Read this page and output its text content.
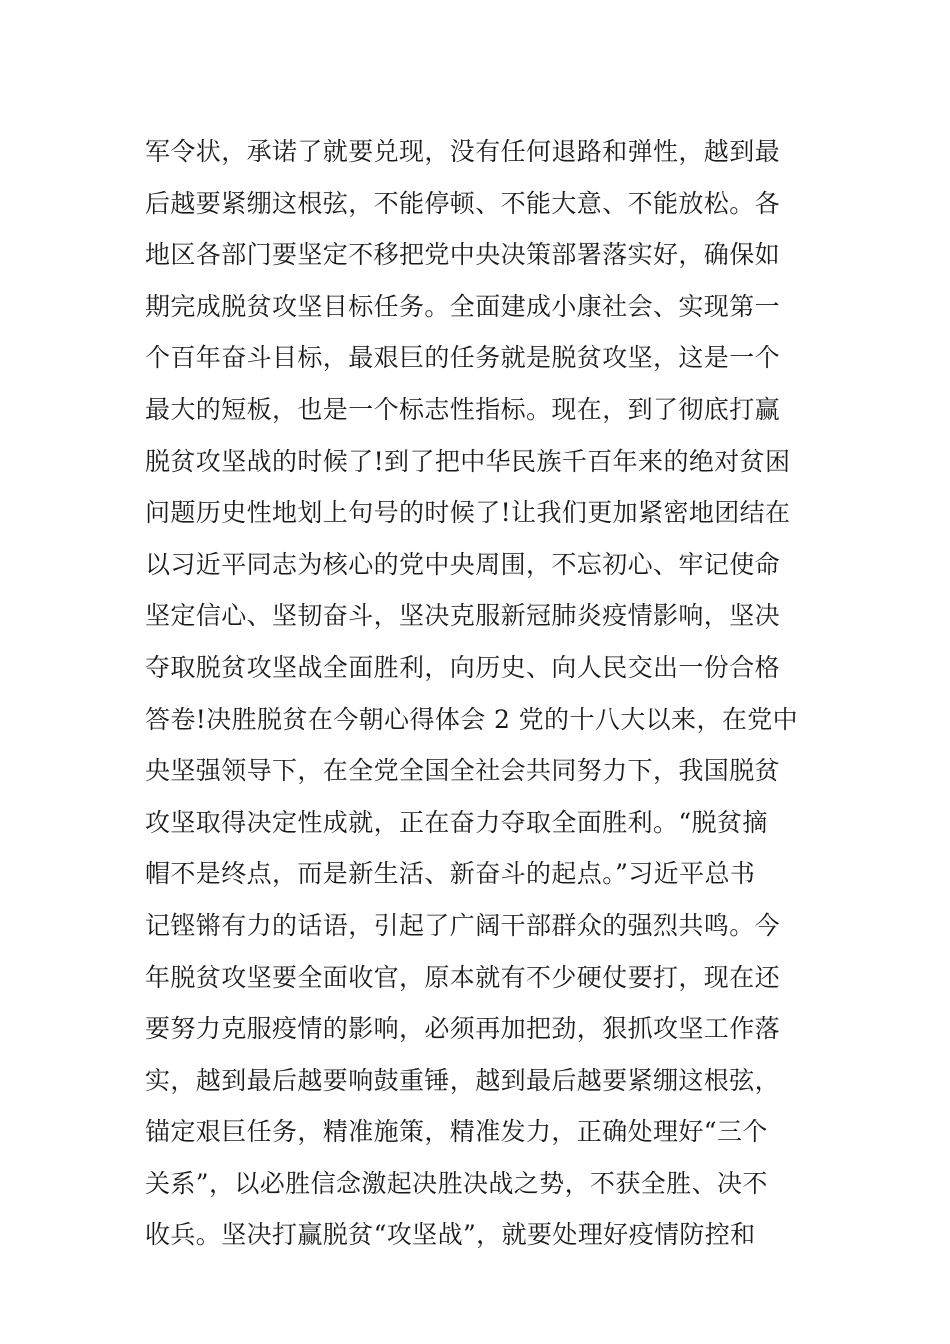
军令状，承诺了就要兑现，没有任何退路和弹性，越到最
后越要紧绷这根弦，不能停顿、不能大意、不能放松。各
地区各部门要坚定不移把党中央决策部署落实好，确保如
期完成脱贫攻坚目标任务。全面建成小康社会、实现第一
个百年奋斗目标，最艰巨的任务就是脱贫攻坚，这是一个
最大的短板，也是一个标志性指标。现在，到了彻底打赢
脱贫攻坚战的时候了!到了把中华民族千百年来的绝对贫困
问题历史性地划上句号的时候了!让我们更加紧密地团结在
以习近平同志为核心的党中央周围，不忘初心、牢记使命
坚定信心、坚韧奋斗，坚决克服新冠肺炎疫情影响，坚决
夺取脱贫攻坚战全面胜利，向历史、向人民交出一份合格
答卷!决胜脱贫在今朝心得体会 2 党的十八大以来，在党中
央坚强领导下，在全党全国全社会共同努力下，我国脱贫
攻坚取得决定性成就，正在奋力夺取全面胜利。“脱贫摘
帽不是终点，而是新生活、新奋斗的起点。”习近平总书
记铿锵有力的话语，引起了广阔干部群众的强烈共鸣。今
年脱贫攻坚要全面收官，原本就有不少硬仗要打，现在还
要努力克服疫情的影响，必须再加把劲，狠抓攻坚工作落
实，越到最后越要响鼓重锤，越到最后越要紧绷这根弦，
锚定艰巨任务，精准施策，精准发力，正确处理好“三个
关系”，以必胜信念激起决胜决战之势，不获全胜、决不
收兵。坚决打赢脱贫“攻坚战”，就要处理好疫情防控和
